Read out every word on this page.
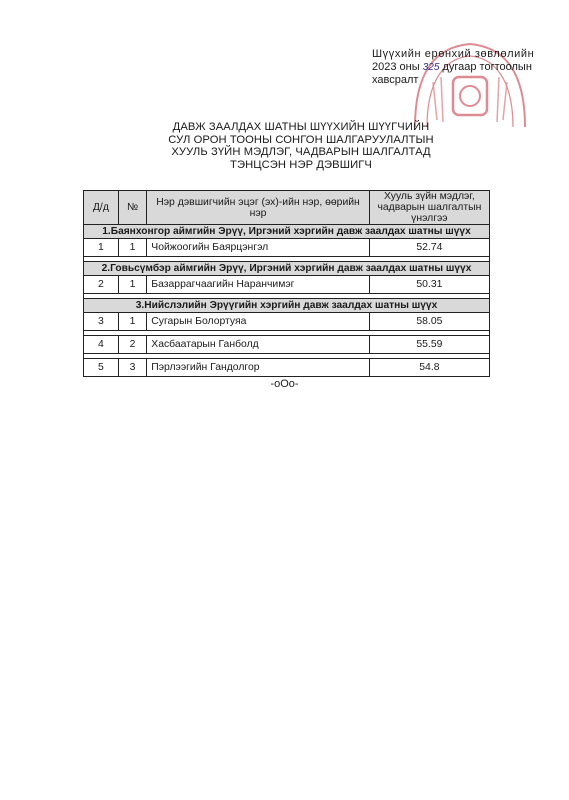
Шүүхийн ерөнхий зөвлөлийн
2023 оны 325 дугаар тогтоолын
хавсралт
ДАВЖ ЗААЛДАХ ШАТНЫ ШҮҮХИЙН ШҮҮГЧИЙН
СУЛ ОРОН ТООНЫ СОНГОН ШАЛГАРУУЛАЛТЫН
ХУУЛЬ ЗҮЙН МЭДЛЭГ, ЧАДВАРЫН ШАЛГАЛТАД
ТЭНЦСЭН НЭР ДЭВШИГЧ
Д/д	№	Нэр дэвшигчийн эцэг (эх)-ийн нэр, өөрийн нэр	Хууль зүйн мэдлэг, чадварын шалгалтын үнэлгээ
1.Баянхонгор аймгийн Эрүү, Иргэний хэргийн давж заалдах шатны шүүх			
1	1	Чойжоогийн Баярцэнгэл	52.74

2.Говьсүмбэр аймгийн Эрүү, Иргэний хэргийн давж заалдах шатны шүүх			
2	1	Базаррагчаагийн Наранчимэг	50.31

3.Нийслэлийн Эрүүгийн хэргийн давж заалдах шатны шүүх			
3	1	Сугарын Болортуяа	58.05

4	2	Хасбаатарын Ганболд	55.59

5	3	Пэрлээгийн Гандолгор	54.8
-oOo-
